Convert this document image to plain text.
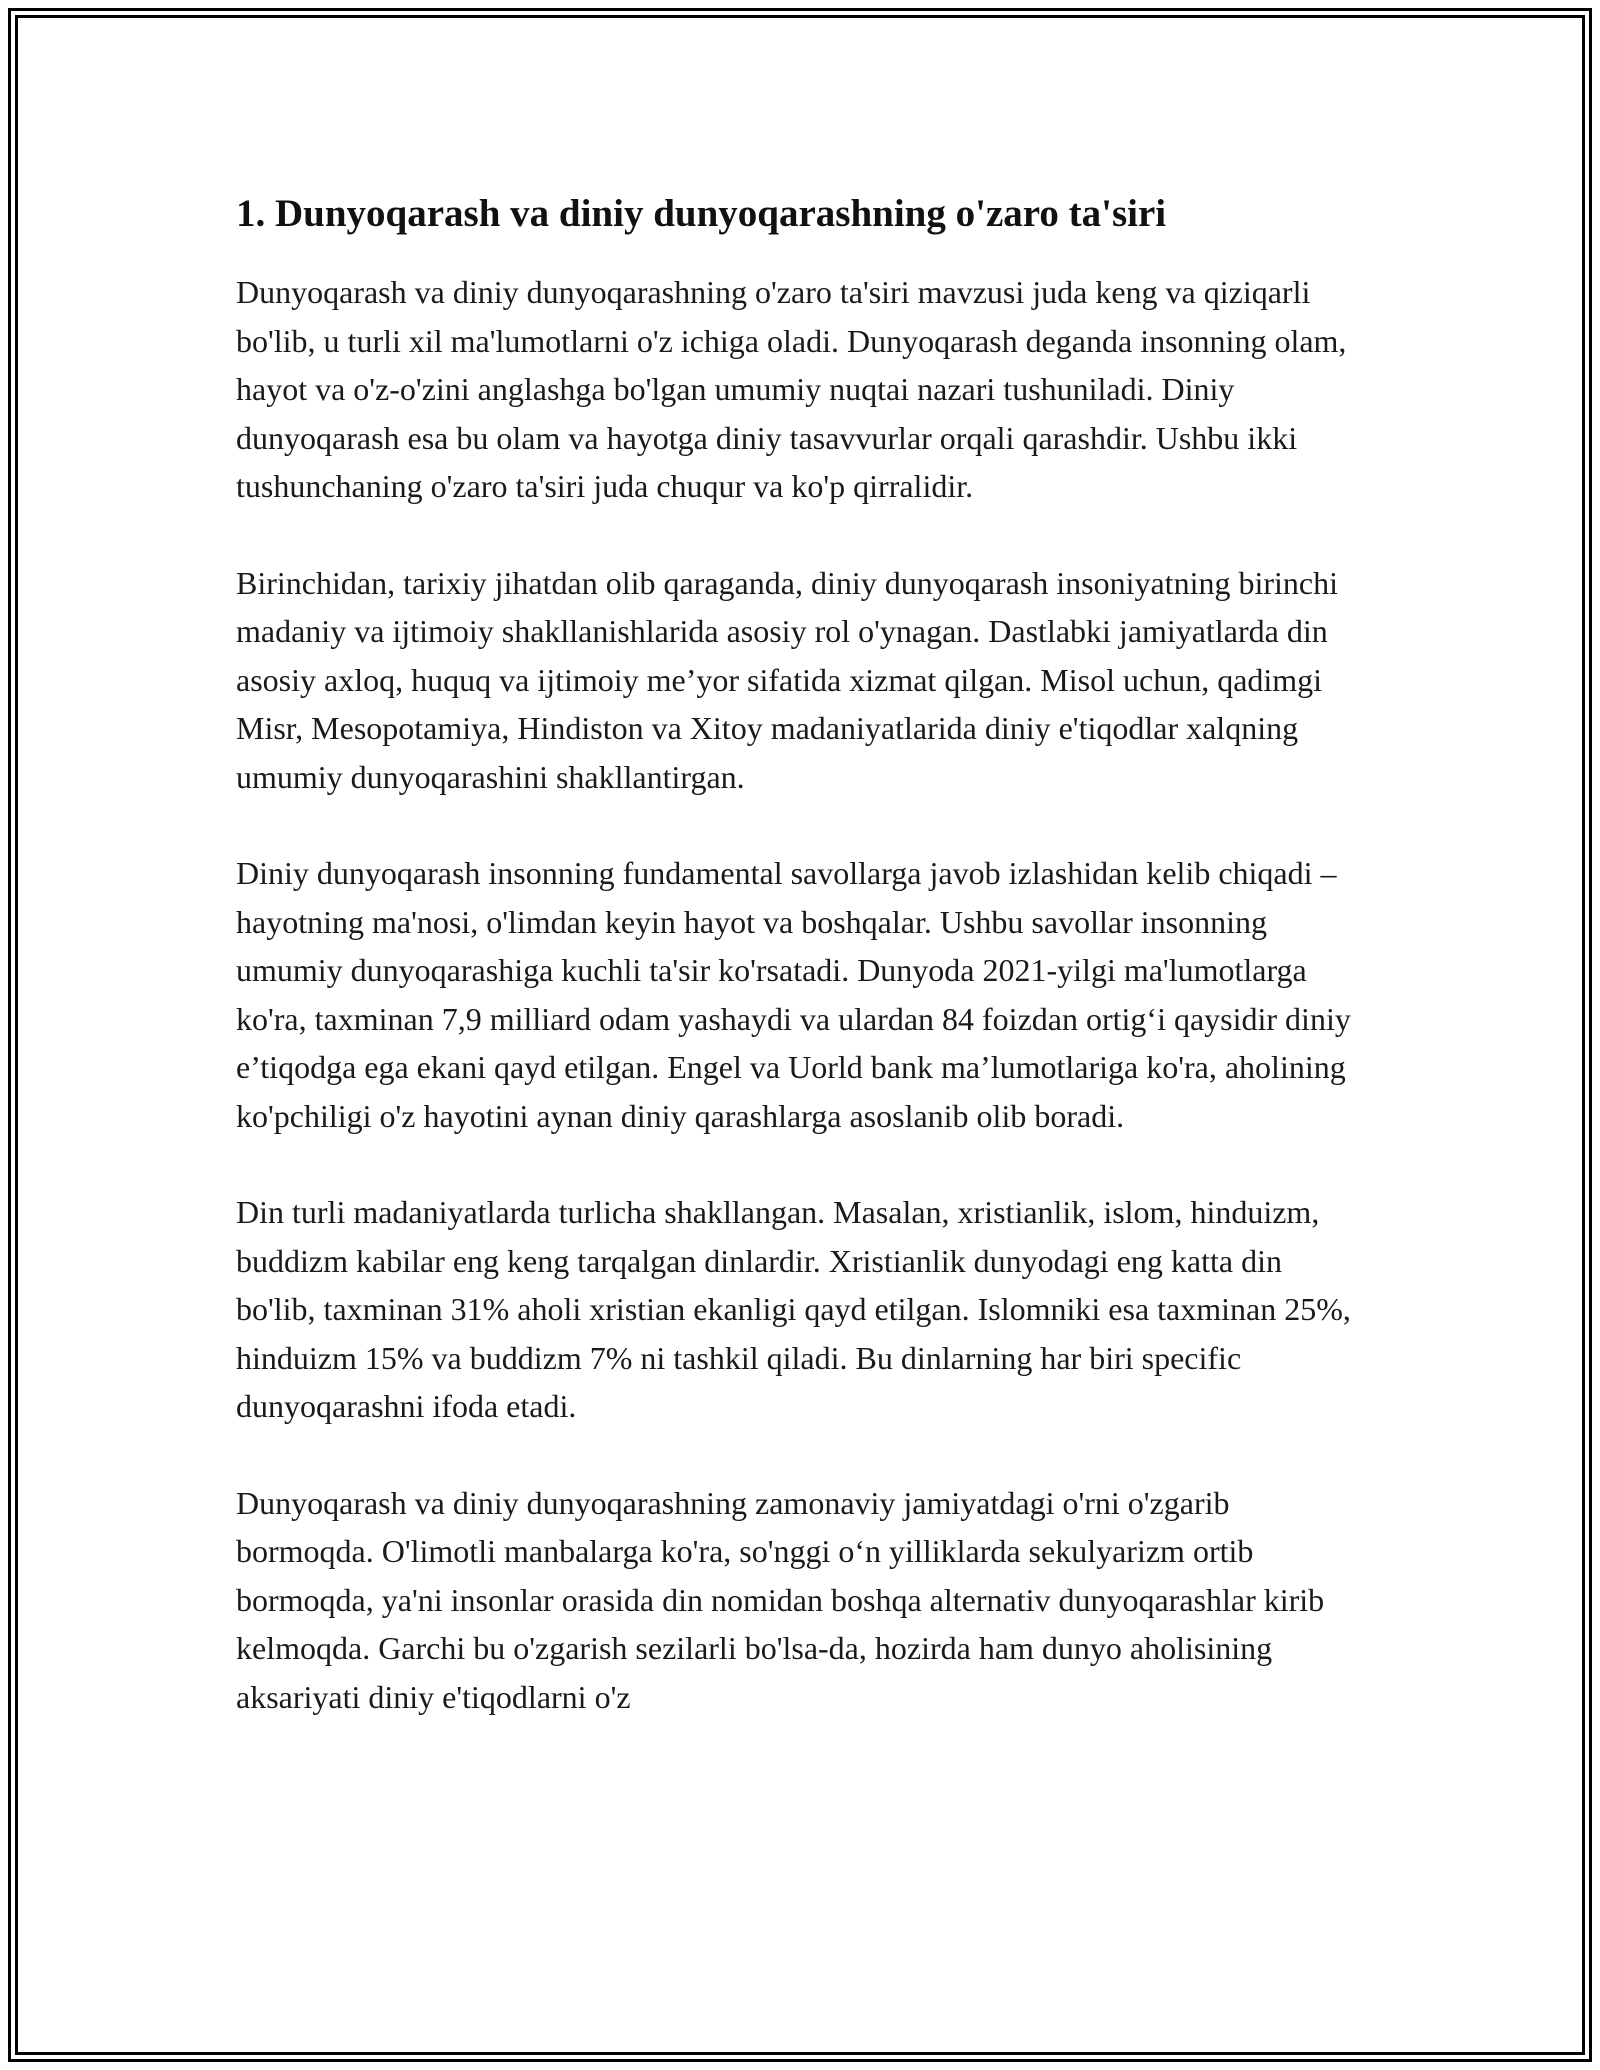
1. Dunyoqarash va diniy dunyoqarashning o'zaro ta'siri

Dunyoqarash va diniy dunyoqarashning o'zaro ta'siri mavzusi juda keng va qiziqarli bo'lib, u turli xil ma'lumotlarni o'z ichiga oladi. Dunyoqarash deganda insonning olam, hayot va o'z-o'zini anglashga bo'lgan umumiy nuqtai nazari tushuniladi. Diniy dunyoqarash esa bu olam va hayotga diniy tasavvurlar orqali qarashdir. Ushbu ikki tushunchaning o'zaro ta'siri juda chuqur va ko'p qirralidir.

Birinchidan, tarixiy jihatdan olib qaraganda, diniy dunyoqarash insoniyatning birinchi madaniy va ijtimoiy shakllanishlarida asosiy rol o'ynagan. Dastlabki jamiyatlarda din asosiy axloq, huquq va ijtimoiy me’yor sifatida xizmat qilgan. Misol uchun, qadimgi Misr, Mesopotamiya, Hindiston va Xitoy madaniyatlarida diniy e'tiqodlar xalqning umumiy dunyoqarashini shakllantirgan.

Diniy dunyoqarash insonning fundamental savollarga javob izlashidan kelib chiqadi – hayotning ma'nosi, o'limdan keyin hayot va boshqalar. Ushbu savollar insonning umumiy dunyoqarashiga kuchli ta'sir ko'rsatadi. Dunyoda 2021-yilgi ma'lumotlarga ko'ra, taxminan 7,9 milliard odam yashaydi va ulardan 84 foizdan ortig‘i qaysidir diniy e’tiqodga ega ekani qayd etilgan. Engel va Uorld bank ma’lumotlariga ko'ra, aholining ko'pchiligi o'z hayotini aynan diniy qarashlarga asoslanib olib boradi.

Din turli madaniyatlarda turlicha shakllangan. Masalan, xristianlik, islom, hinduizm, buddizm kabilar eng keng tarqalgan dinlardir. Xristianlik dunyodagi eng katta din bo'lib, taxminan 31% aholi xristian ekanligi qayd etilgan. Islomniki esa taxminan 25%, hinduizm 15% va buddizm 7% ni tashkil qiladi. Bu dinlarning har biri specific dunyoqarashni ifoda etadi.

Dunyoqarash va diniy dunyoqarashning zamonaviy jamiyatdagi o'rni o'zgarib bormoqda. O'limotli manbalarga ko'ra, so'nggi o‘n yilliklarda sekulyarizm ortib bormoqda, ya'ni insonlar orasida din nomidan boshqa alternativ dunyoqarashlar kirib kelmoqda. Garchi bu o'zgarish sezilarli bo'lsa-da, hozirda ham dunyo aholisining aksariyati diniy e'tiqodlarni o'z
